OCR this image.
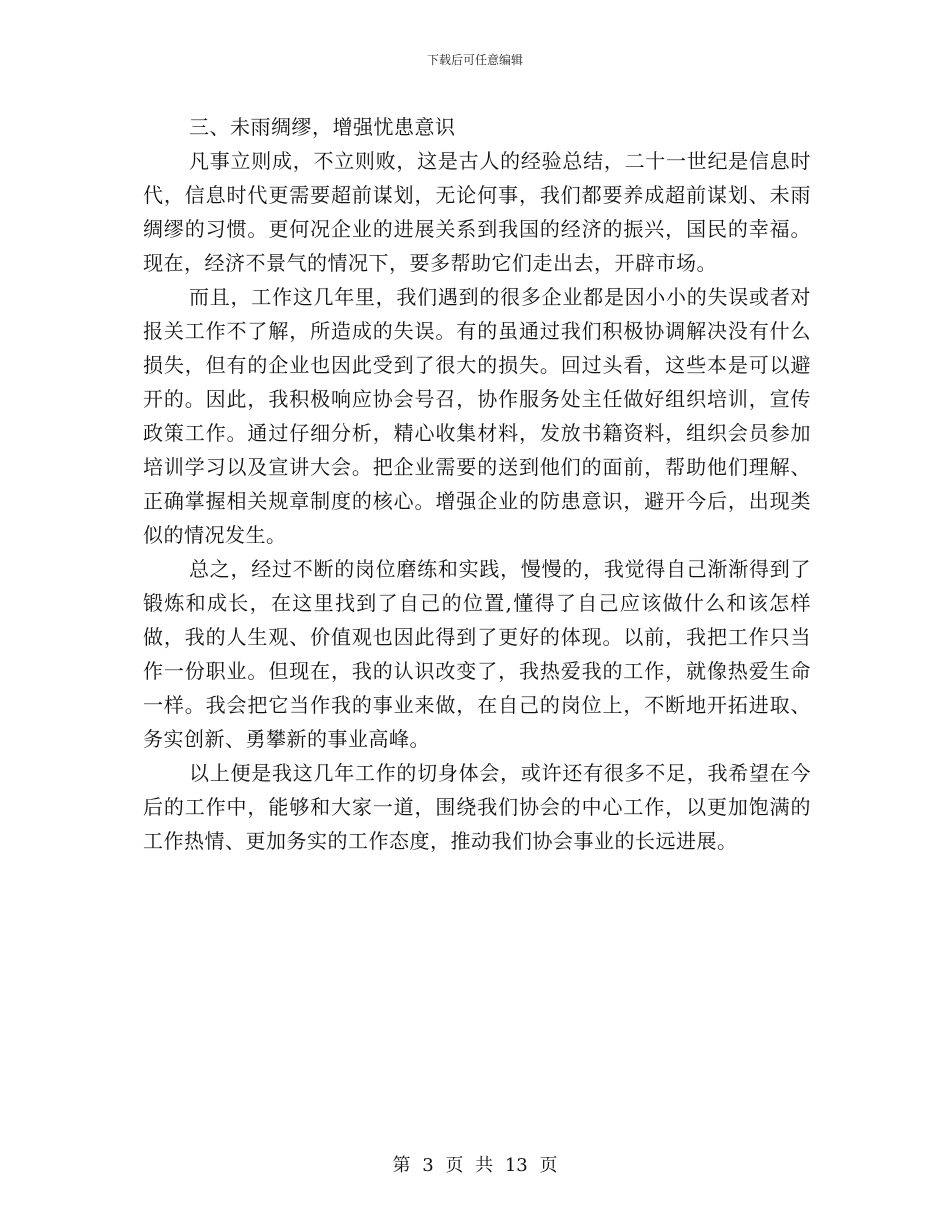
下载后可任意编辑
三、未雨绸缪，增强忧患意识

凡事立则成，不立则败，这是古人的经验总结，二十一世纪是信息时代，信息时代更需要超前谋划，无论何事，我们都要养成超前谋划、未雨绸缪的习惯。更何况企业的进展关系到我国的经济的振兴，国民的幸福。现在，经济不景气的情况下，要多帮助它们走出去，开辟市场。

而且，工作这几年里，我们遇到的很多企业都是因小小的失误或者对报关工作不了解，所造成的失误。有的虽通过我们积极协调解决没有什么损失，但有的企业也因此受到了很大的损失。回过头看，这些本是可以避开的。因此，我积极响应协会号召，协作服务处主任做好组织培训，宣传政策工作。通过仔细分析，精心收集材料，发放书籍资料，组织会员参加培训学习以及宣讲大会。把企业需要的送到他们的面前，帮助他们理解、正确掌握相关规章制度的核心。增强企业的防患意识，避开今后，出现类似的情况发生。

总之，经过不断的岗位磨练和实践，慢慢的，我觉得自己渐渐得到了锻炼和成长，在这里找到了自己的位置,懂得了自己应该做什么和该怎样做，我的人生观、价值观也因此得到了更好的体现。以前，我把工作只当作一份职业。但现在，我的认识改变了，我热爱我的工作，就像热爱生命一样。我会把它当作我的事业来做，在自己的岗位上，不断地开拓进取、务实创新、勇攀新的事业高峰。

以上便是我这几年工作的切身体会，或许还有很多不足，我希望在今后的工作中，能够和大家一道，围绕我们协会的中心工作，以更加饱满的工作热情、更加务实的工作态度，推动我们协会事业的长远进展。

第 3 页 共 13 页
